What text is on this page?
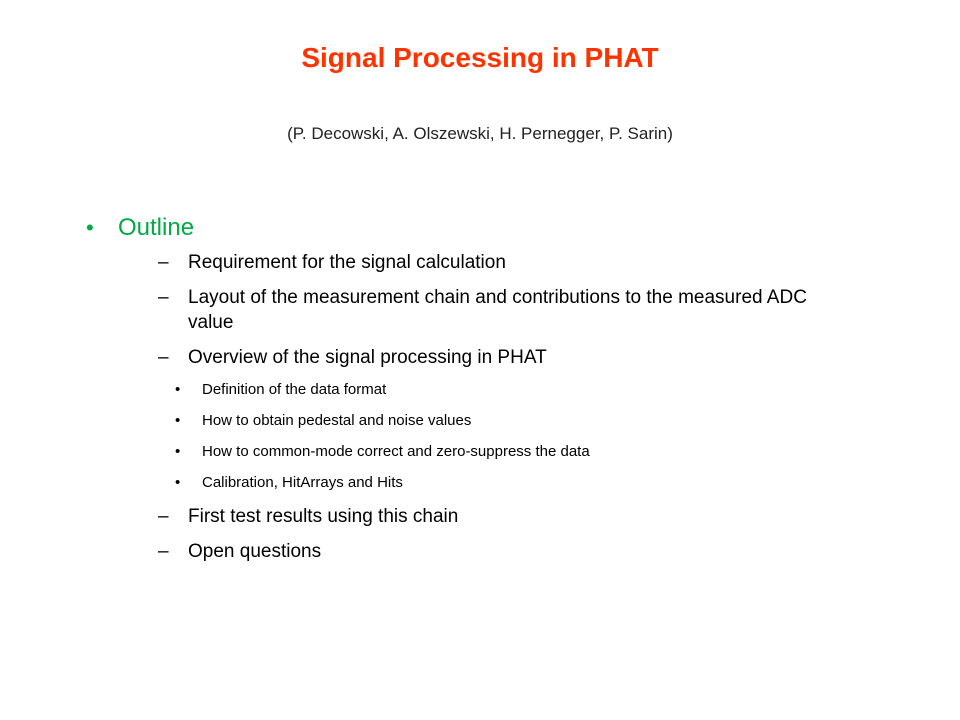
Signal Processing in PHAT
(P. Decowski, A. Olszewski, H. Pernegger, P. Sarin)
•	Outline
–	Requirement for the signal calculation
–	Layout of the measurement chain and contributions to the measured ADC value
–	Overview of the signal processing in PHAT
•	Definition of the data format
•	How to obtain pedestal and noise values
•	How to common-mode correct and zero-suppress the data
•	Calibration, HitArrays and Hits
–	First test results using this chain
–	Open questions
